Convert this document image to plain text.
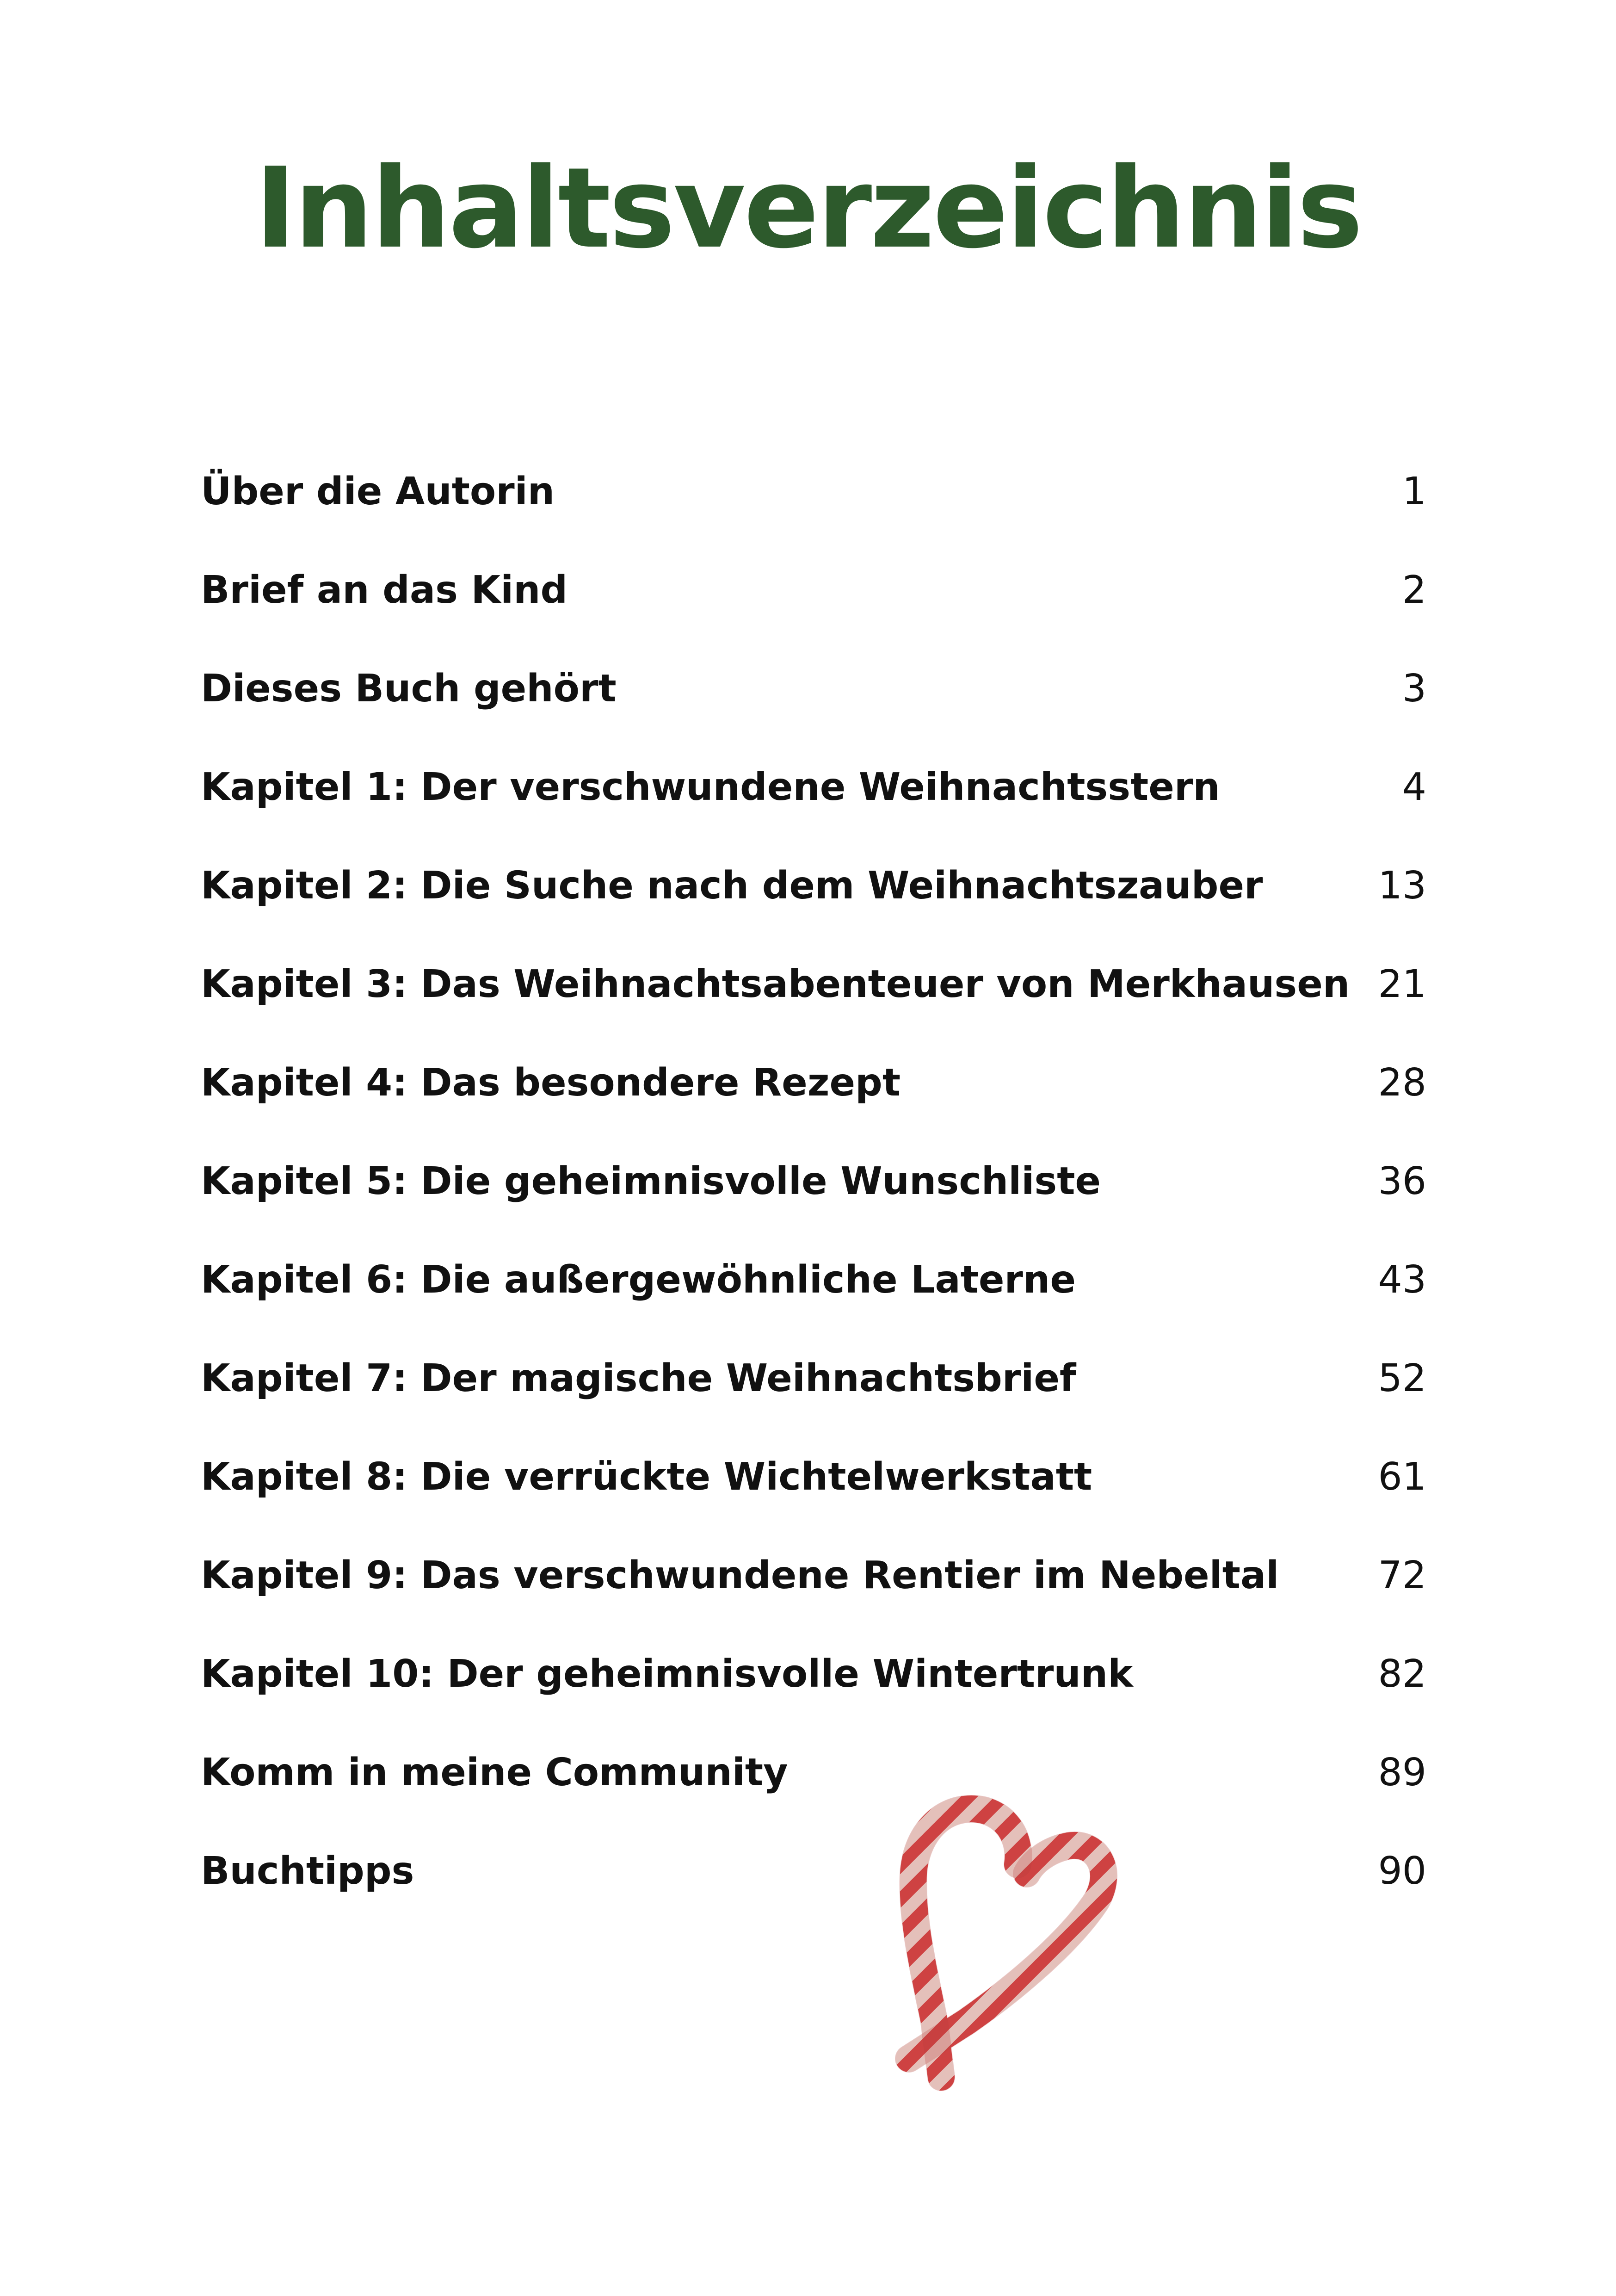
Inhaltsverzeichnis
Über die Autorin	1
Brief an das Kind	2
Dieses Buch gehört	3
Kapitel 1: Der verschwundene Weihnachtsstern	4
Kapitel 2: Die Suche nach dem Weihnachtszauber	13
Kapitel 3: Das Weihnachtsabenteuer von Merkhausen 21
Kapitel 4: Das besondere Rezept	28
Kapitel 5: Die geheimnisvolle Wunschliste	36
Kapitel 6: Die außergewöhnliche Laterne	43
Kapitel 7: Der magische Weihnachtsbrief	52
Kapitel 8: Die verrückte Wichtelwerkstatt	61
Kapitel 9: Das verschwundene Rentier im Nebeltal	72
Kapitel 10: Der geheimnisvolle Wintertrunk	82
Komm in meine Community	89
Buchtipps	90
